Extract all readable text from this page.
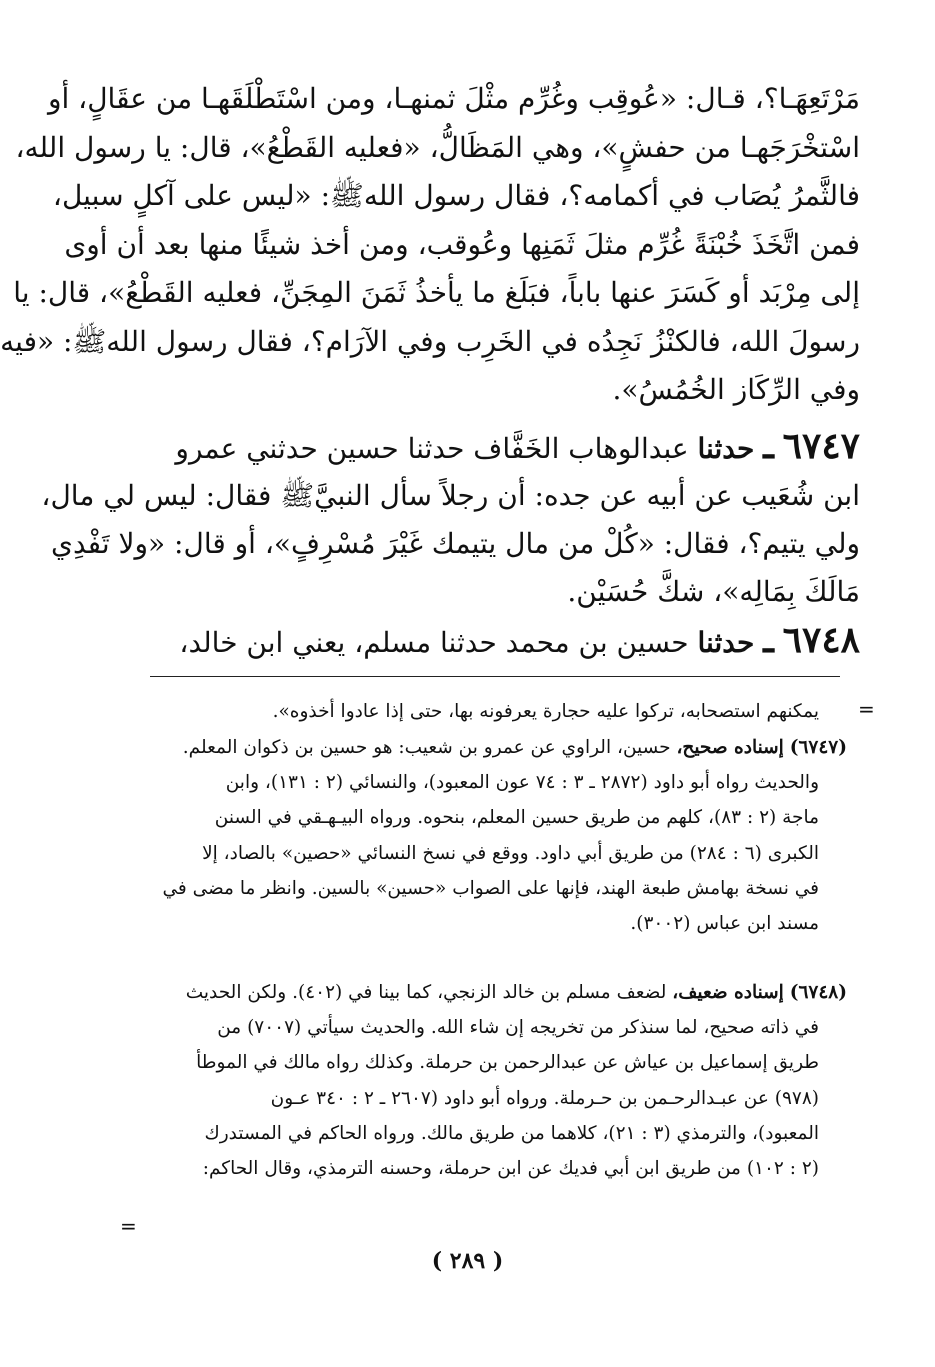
مَرْتَعِهَـا؟، قـال: «عُوقِب وغُرِّم مثْلَ ثمنهـا، ومن اسْتَطْلَقَهـا من عقَالٍ، أو
اسْتخْرَجَهـا من حفشٍ»، وهي المَظَالُّ، «فعليه القَطْعُ»، قال: يا رسول الله،
فالثَّمرُ يُصَاب في أكمامه؟، فقال رسول اللهﷺ: «ليس على آكلٍ سبيل،
فمن اتَّخَذَ خُبْنَةً غُرِّم مثلَ ثَمَنِها وعُوقب، ومن أخذ شيئًا منها بعد أن أوى
إلى مِرْبَد أو كَسَرَ عنها باباً، فبَلَغ ما يأخذُ ثَمَنَ المِجَنِّ، فعليه القَطْعُ»، قال: يا
رسولَ الله، فالكنْزُ نَجِدُه في الخَرِب وفي الآرَام؟، فقال رسول اللهﷺ: «فيه
وفي الرِّكَاز الخُمُسُ».
٦٧٤٧ ـ حدثنا عبدالوهاب الخَفَّاف حدثنا حسين حدثني عمرو
ابن شُعَيب عن أبيه عن جده: أن رجلاً سأل النبيَّﷺ فقال: ليس لي مال،
ولي يتيم؟، فقال: «كُلْ من مال يتيمك غَيْرَ مُسْرِفٍ»، أو قال: «ولا تَفْدِي
مَالَكَ بِمَالِه»، شكَّ حُسَيْن.
٦٧٤٨ ـ حدثنا حسين بن محمد حدثنا مسلم، يعني ابن خالد،
=
يمكنهم استصحابه، تركوا عليه حجارة يعرفونه بها، حتى إذا عادوا أخذوه».
(٦٧٤٧) إسناده صحيح، حسين، الراوي عن عمرو بن شعيب: هو حسين بن ذكوان المعلم.
والحديث رواه أبو داود (٢٨٧٢ ـ ٣ : ٧٤ عون المعبود)، والنسائي (٢ : ١٣١)، وابن
ماجة (٢ : ٨٣)، كلهم من طريق حسين المعلم، بنحوه. ورواه البيـهـقي في السنن
الكبرى (٦ : ٢٨٤) من طريق أبي داود. ووقع في نسخ النسائي «حصين» بالصاد، إلا
في نسخة بهامش طبعة الهند، فإنها على الصواب «حسين» بالسين. وانظر ما مضى في
مسند ابن عباس (٣٠٠٢).
(٦٧٤٨) إسناده ضعيف، لضعف مسلم بن خالد الزنجي، كما بينا في (٤٠٢). ولكن الحديث
في ذاته صحيح، لما سنذكر من تخريجه إن شاء الله. والحديث سيأتي (٧٠٠٧) من
طريق إسماعيل بن عياش عن عبدالرحمن بن حرملة. وكذلك رواه مالك في الموطأ
(٩٧٨) عن عبـدالرحـمن بن حـرملة. ورواه أبو داود (٢٦٠٧ ـ ٢ : ٣٤٠ عـون
المعبود)، والترمذي (٣ : ٢١)، كلاهما من طريق مالك. ورواه الحاكم في المستدرك
(٢ : ١٠٢) من طريق ابن أبي فديك عن ابن حرملة، وحسنه الترمذي، وقال الحاكم:
=
( ٢٨٩ )
